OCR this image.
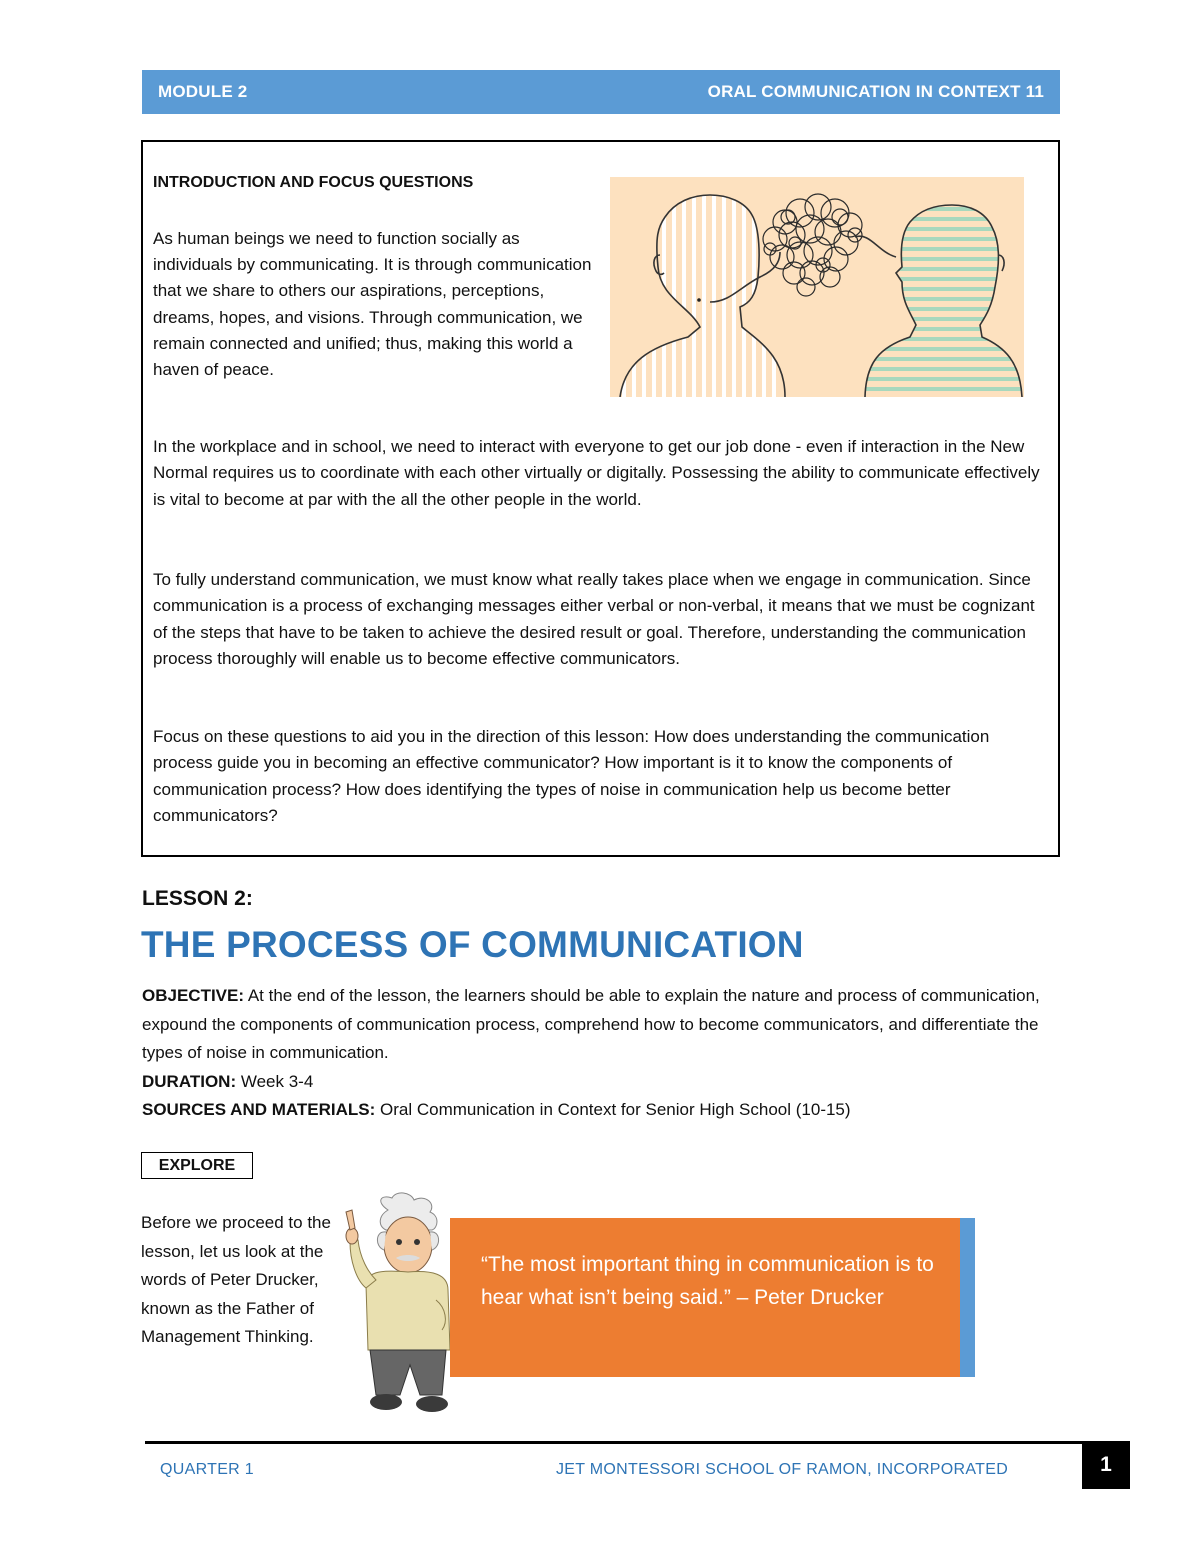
MODULE 2	ORAL COMMUNICATION IN CONTEXT 11
INTRODUCTION AND FOCUS QUESTIONS
As human beings we need to function socially as individuals by communicating. It is through communication that we share to others our aspirations, perceptions, dreams, hopes, and visions. Through communication, we remain connected and unified; thus, making this world a haven of peace.

In the workplace and in school, we need to interact with everyone to get our job done - even if interaction in the New Normal requires us to coordinate with each other virtually or digitally. Possessing the ability to communicate effectively is vital to become at par with the all the other people in the world.

To fully understand communication, we must know what really takes place when we engage in communication. Since communication is a process of exchanging messages either verbal or non-verbal, it means that we must be cognizant of the steps that have to be taken to achieve the desired result or goal. Therefore, understanding the communication process thoroughly will enable us to become effective communicators.

Focus on these questions to aid you in the direction of this lesson: How does understanding the communication process guide you in becoming an effective communicator? How important is it to know the components of communication process? How does identifying the types of noise in communication help us become better communicators?

LESSON 2:
THE PROCESS OF COMMUNICATION

OBJECTIVE: At the end of the lesson, the learners should be able to explain the nature and process of communication, expound the components of communication process, comprehend how to become communicators, and differentiate the types of noise in communication.

DURATION: Week 3-4
SOURCES AND MATERIALS: Oral Communication in Context for Senior High School (10-15)
EXPLORE
Before we proceed to the lesson, let us look at the words of Peter Drucker, known as the Father of Management Thinking.
“The most important thing in communication is to hear what isn’t being said.” – Peter Drucker
QUARTER 1	JET MONTESSORI SCHOOL OF RAMON, INCORPORATED	1
